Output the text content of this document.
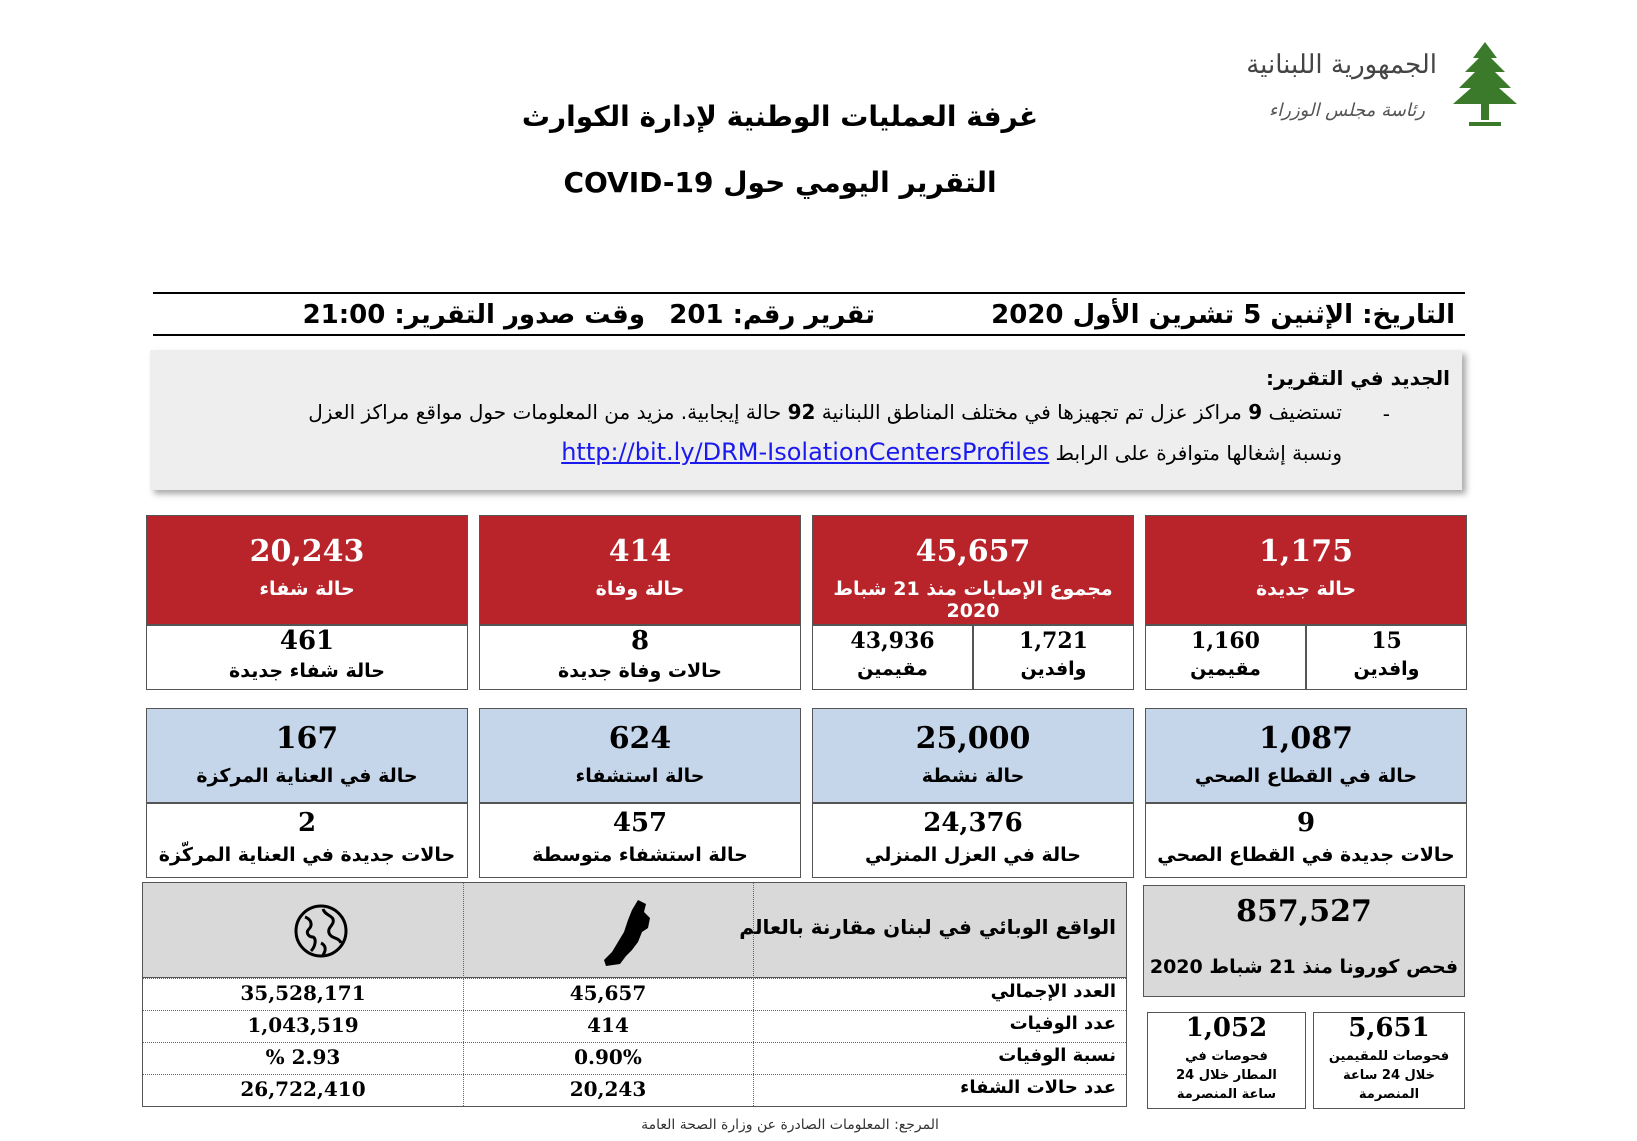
الجمهورية اللبنانية
رئاسة مجلس الوزراء
غرفة العمليات الوطنية لإدارة الكوارث
التقرير اليومي حول COVID-19
التاريخ: الإثنين 5 تشرين الأول 2020
تقرير رقم: 201
وقت صدور التقرير: 21:00
الجديد في التقرير:
-
تستضيف 9 مراكز عزل تم تجهيزها في مختلف المناطق اللبنانية 92 حالة إيجابية. مزيد من المعلومات حول مواقع مراكز العزل
ونسبة إشغالها متوافرة على الرابط http://bit.ly/DRM-IsolationCentersProfiles
1,175
حالة جديدة
1,160
مقيمين
15
وافدين
45,657
مجموع الإصابات منذ 21 شباط 2020
43,936
مقيمين
1,721
وافدين
414
حالة وفاة
8
حالات وفاة جديدة
20,243
حالة شفاء
461
حالة شفاء جديدة
1,087
حالة في القطاع الصحي
9
حالات جديدة في القطاع الصحي
25,000
حالة نشطة
24,376
حالة في العزل المنزلي
624
حالة استشفاء
457
حالة استشفاء متوسطة
167
حالة في العناية المركزة
2
حالات جديدة في العناية المركّزة
857,527
فحص كورونا منذ 21 شباط 2020
5,651
فحوصات للمقيمين خلال 24 ساعة المنصرمة
1,052
فحوصات في المطار خلال 24 ساعة المنصرمة
الواقع الوبائي في لبنان مقارنة بالعالم
العدد الإجمالي
45,657
35,528,171
عدد الوفيات
414
1,043,519
نسبة الوفيات
0.90%
2.93 %
عدد حالات الشفاء
20,243
26,722,410
المرجع: المعلومات الصادرة عن وزارة الصحة العامة
